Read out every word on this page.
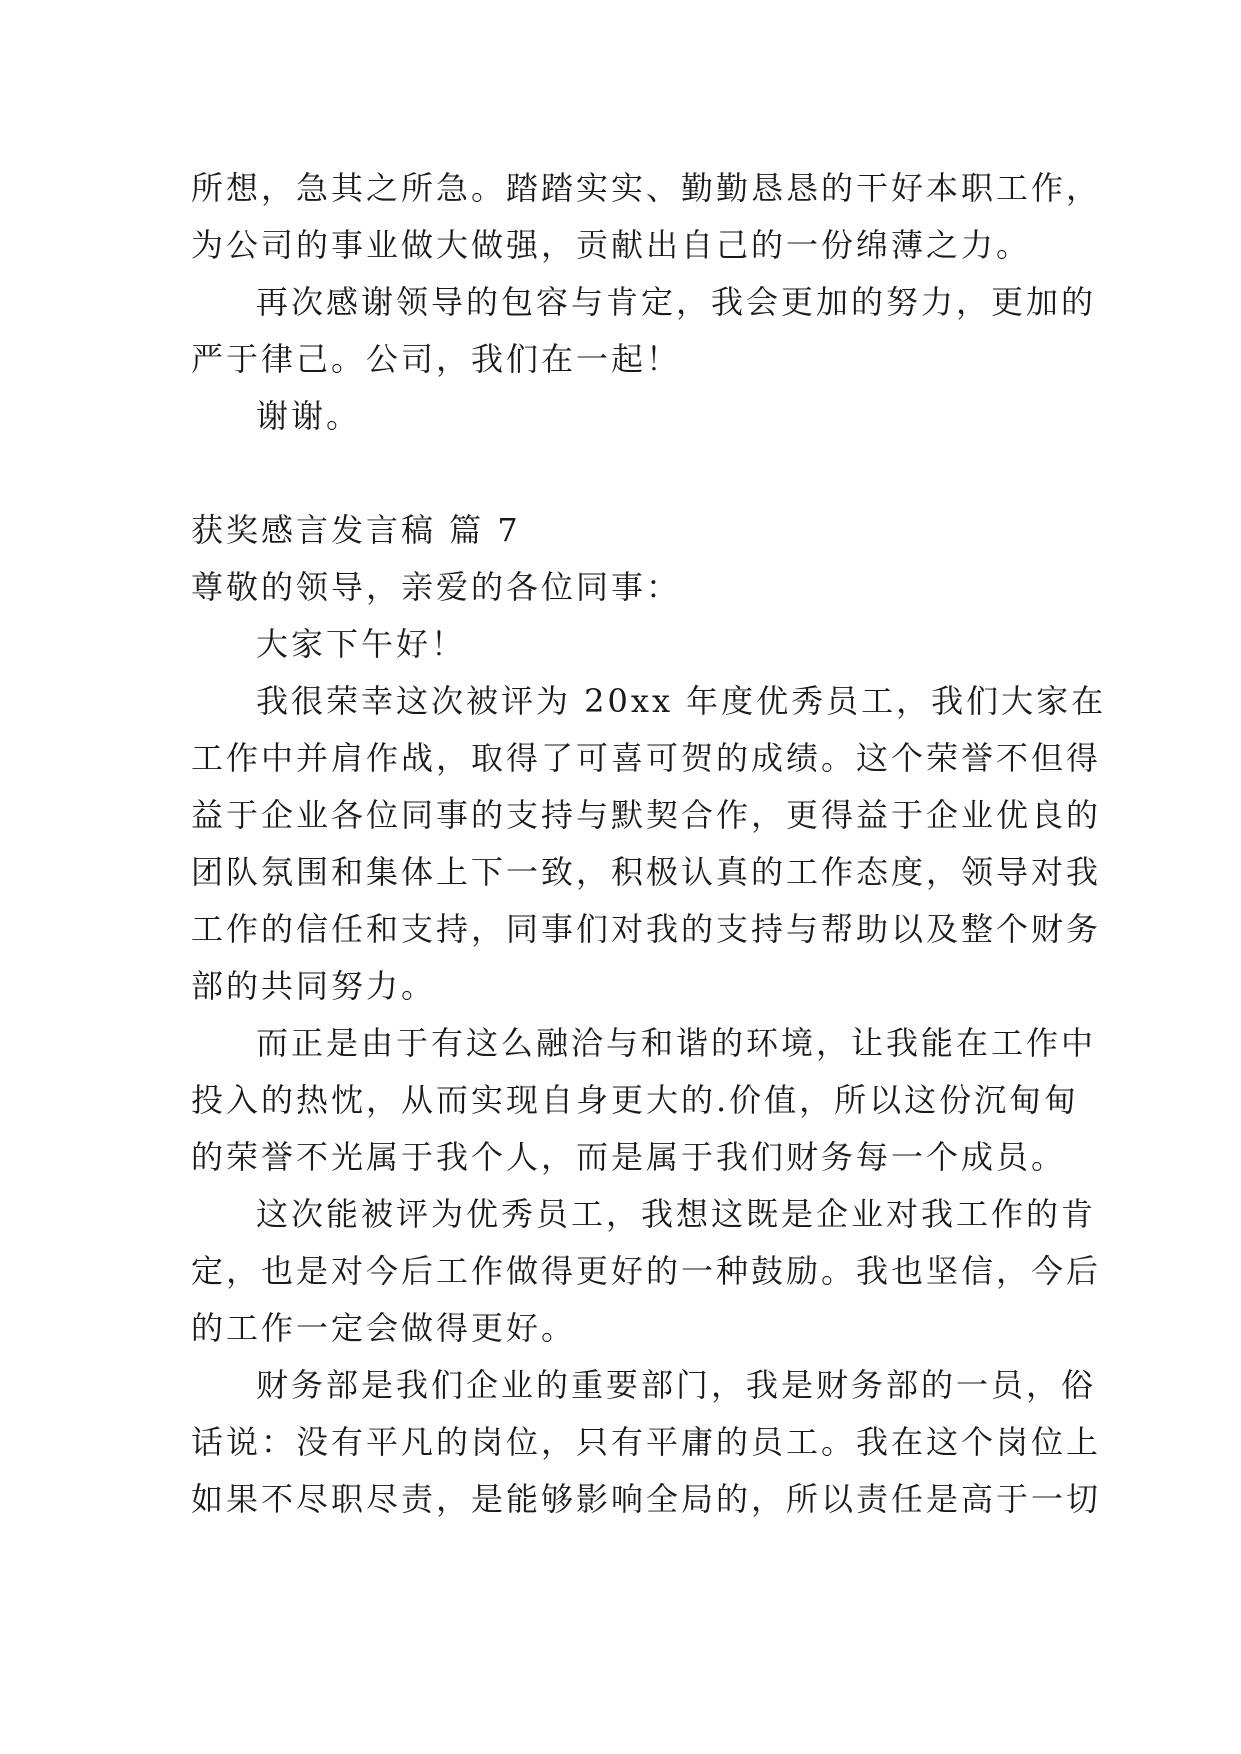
所想，急其之所急。踏踏实实、勤勤恳恳的干好本职工作，
为公司的事业做大做强，贡献出自己的一份绵薄之力。
再次感谢领导的包容与肯定，我会更加的努力，更加的
严于律己。公司，我们在一起！
谢谢。
获奖感言发言稿 篇 7
尊敬的领导，亲爱的各位同事：
大家下午好！
我很荣幸这次被评为 20xx 年度优秀员工，我们大家在
工作中并肩作战，取得了可喜可贺的成绩。这个荣誉不但得
益于企业各位同事的支持与默契合作，更得益于企业优良的
团队氛围和集体上下一致，积极认真的工作态度，领导对我
工作的信任和支持，同事们对我的支持与帮助以及整个财务
部的共同努力。
而正是由于有这么融洽与和谐的环境，让我能在工作中
投入的热忱，从而实现自身更大的.价值，所以这份沉甸甸
的荣誉不光属于我个人，而是属于我们财务每一个成员。
这次能被评为优秀员工，我想这既是企业对我工作的肯
定，也是对今后工作做得更好的一种鼓励。我也坚信，今后
的工作一定会做得更好。
财务部是我们企业的重要部门，我是财务部的一员，俗
话说：没有平凡的岗位，只有平庸的员工。我在这个岗位上
如果不尽职尽责，是能够影响全局的，所以责任是高于一切
